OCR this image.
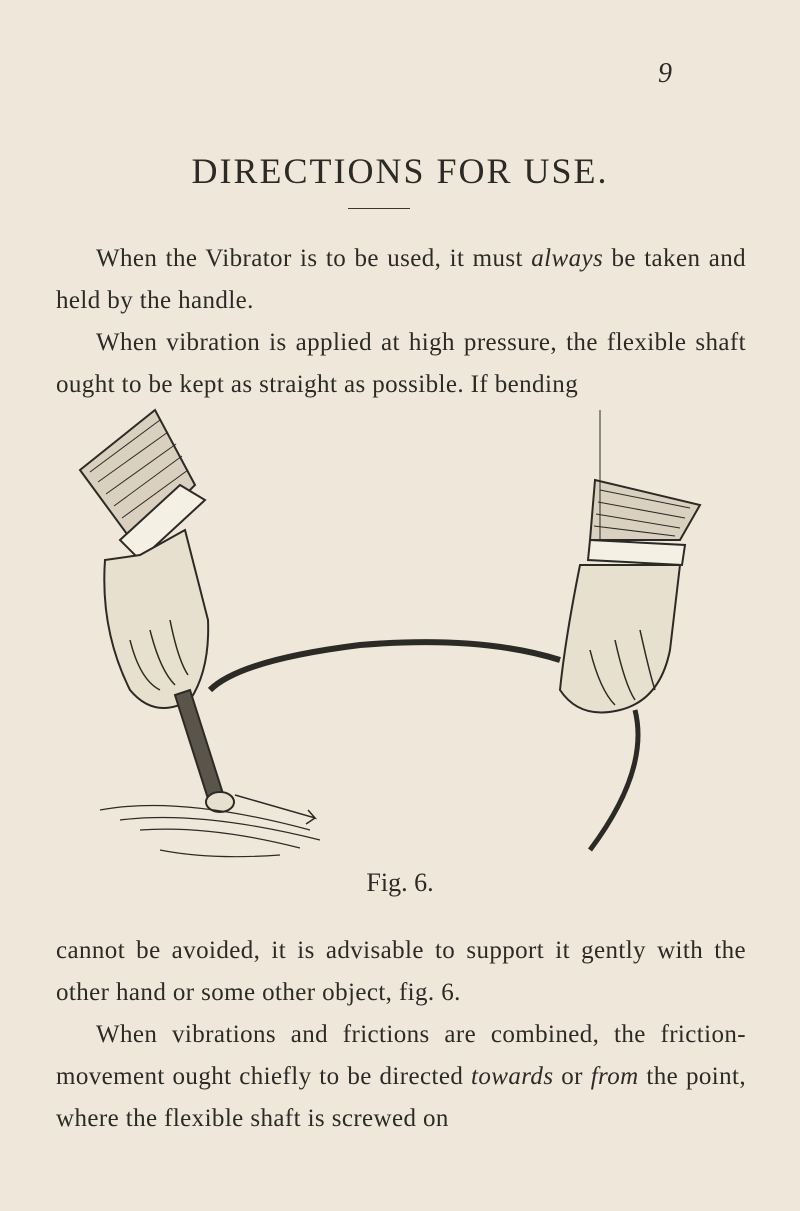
9
DIRECTIONS FOR USE.

When the Vibrator is to be used, it must always be taken and held by the handle.

When vibration is applied at high pressure, the flexible shaft ought to be kept as straight as possible. If bending

Fig. 6.

cannot be avoided, it is advisable to support it gently with the other hand or some other object, fig. 6.

When vibrations and frictions are combined, the friction-movement ought chiefly to be directed towards or from the point, where the flexible shaft is screwed on
